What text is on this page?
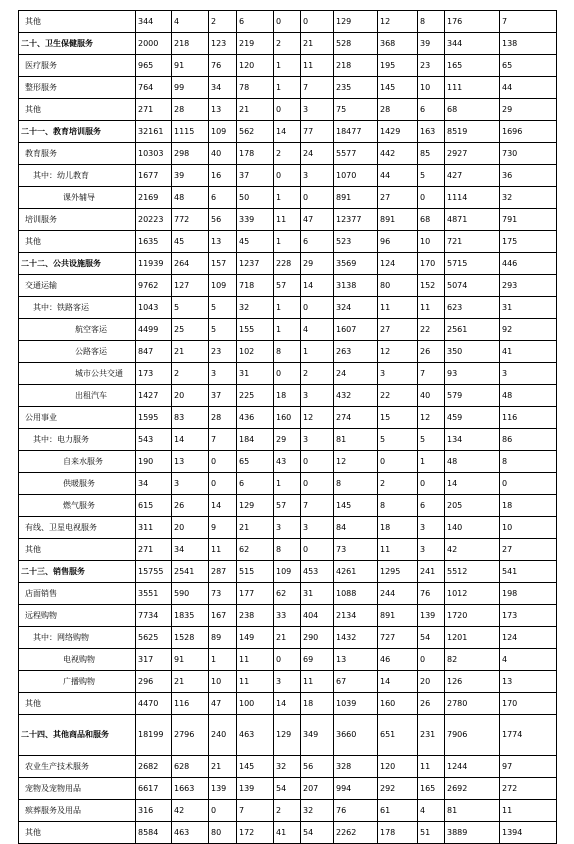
其他	344	4	2	6	0	0	129	12	8	176	7
二十、卫生保健服务	2000	218	123	219	2	21	528	368	39	344	138
医疗服务	965	91	76	120	1	11	218	195	23	165	65
整形服务	764	99	34	78	1	7	235	145	10	111	44
其他	271	28	13	21	0	3	75	28	6	68	29
二十一、教育培训服务	32161	1115	109	562	14	77	18477	1429	163	8519	1696
教育服务	10303	298	40	178	2	24	5577	442	85	2927	730
其中：幼儿教育	1677	39	16	37	0	3	1070	44	5	427	36
课外辅导	2169	48	6	50	1	0	891	27	0	1114	32
培训服务	20223	772	56	339	11	47	12377	891	68	4871	791
其他	1635	45	13	45	1	6	523	96	10	721	175
二十二、公共设施服务	11939	264	157	1237	228	29	3569	124	170	5715	446
交通运输	9762	127	109	718	57	14	3138	80	152	5074	293
其中：铁路客运	1043	5	5	32	1	0	324	11	11	623	31
航空客运	4499	25	5	155	1	4	1607	27	22	2561	92
公路客运	847	21	23	102	8	1	263	12	26	350	41
城市公共交通	173	2	3	31	0	2	24	3	7	93	3
出租汽车	1427	20	37	225	18	3	432	22	40	579	48
公用事业	1595	83	28	436	160	12	274	15	12	459	116
其中：电力服务	543	14	7	184	29	3	81	5	5	134	86
自来水服务	190	13	0	65	43	0	12	0	1	48	8
供暖服务	34	3	0	6	1	0	8	2	0	14	0
燃气服务	615	26	14	129	57	7	145	8	6	205	18
有线、卫星电视服务	311	20	9	21	3	3	84	18	3	140	10
其他	271	34	11	62	8	0	73	11	3	42	27
二十三、销售服务	15755	2541	287	515	109	453	4261	1295	241	5512	541
店面销售	3551	590	73	177	62	31	1088	244	76	1012	198
远程购物	7734	1835	167	238	33	404	2134	891	139	1720	173
其中：网络购物	5625	1528	89	149	21	290	1432	727	54	1201	124
电视购物	317	91	1	11	0	69	13	46	0	82	4
广播购物	296	21	10	11	3	11	67	14	20	126	13
其他	4470	116	47	100	14	18	1039	160	26	2780	170
二十四、其他商品和服务	18199	2796	240	463	129	349	3660	651	231	7906	1774
农业生产技术服务	2682	628	21	145	32	56	328	120	11	1244	97
宠物及宠物用品	6617	1663	139	139	54	207	994	292	165	2692	272
殡葬服务及用品	316	42	0	7	2	32	76	61	4	81	11
其他	8584	463	80	172	41	54	2262	178	51	3889	1394
